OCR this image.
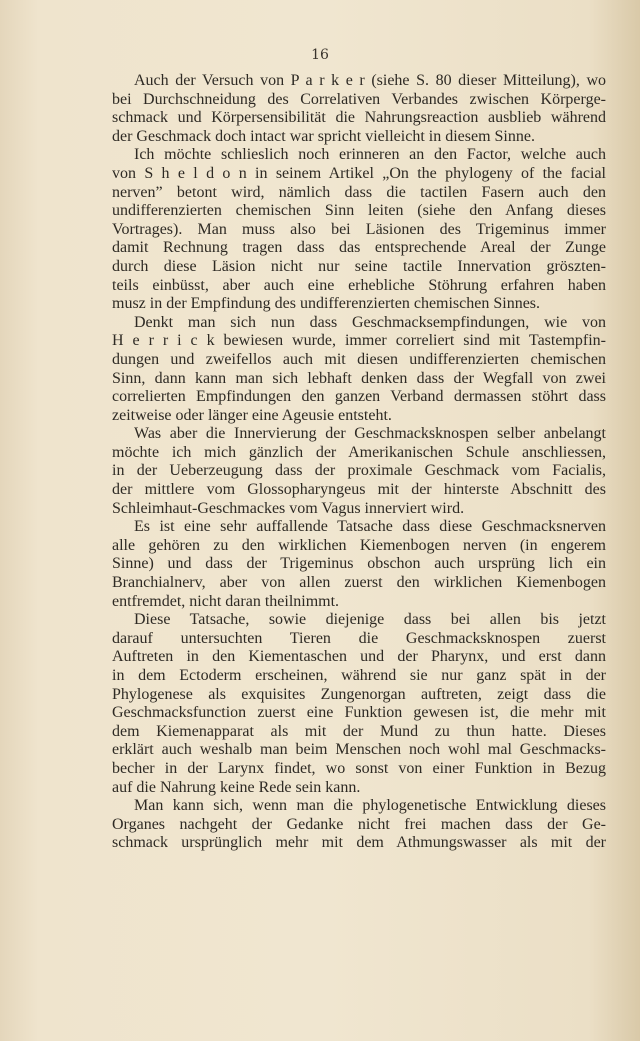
16
Auch der Versuch von P a r k e r (siehe S. 80 dieser Mitteilung), wo
bei Durchschneidung des Correlativen Verbandes zwischen Körperge-
schmack und Körpersensibilität die Nahrungsreaction ausblieb während
der Geschmack doch intact war spricht vielleicht in diesem Sinne.
Ich möchte schlieslich noch erinneren an den Factor, welche auch
von S h e l d o n in seinem Artikel „On the phylogeny of the facial
nerven” betont wird, nämlich dass die tactilen Fasern auch den
undifferenzierten chemischen Sinn leiten (siehe den Anfang dieses
Vortrages). Man muss also bei Läsionen des Trigeminus immer
damit Rechnung tragen dass das entsprechende Areal der Zunge
durch diese Läsion nicht nur seine tactile Innervation gröszten-
teils einbüsst, aber auch eine erhebliche Stöhrung erfahren haben
musz in der Empfindung des undifferenzierten chemischen Sinnes.
Denkt man sich nun dass Geschmacksempfindungen, wie von
H e r r i c k bewiesen wurde, immer correliert sind mit Tastempfin-
dungen und zweifellos auch mit diesen undifferenzierten chemischen
Sinn, dann kann man sich lebhaft denken dass der Wegfall von zwei
correlierten Empfindungen den ganzen Verband dermassen stöhrt dass
zeitweise oder länger eine Ageusie entsteht.
Was aber die Innervierung der Geschmacksknospen selber anbelangt
möchte ich mich gänzlich der Amerikanischen Schule anschliessen,
in der Ueberzeugung dass der proximale Geschmack vom Facialis,
der mittlere vom Glossopharyngeus mit der hinterste Abschnitt des
Schleimhaut-Geschmackes vom Vagus innerviert wird.
Es ist eine sehr auffallende Tatsache dass diese Geschmacksnerven
alle gehören zu den wirklichen Kiemenbogen nerven (in engerem
Sinne) und dass der Trigeminus obschon auch ursprüng lich ein
Branchialnerv, aber von allen zuerst den wirklichen Kiemenbogen
entfremdet, nicht daran theilnimmt.
Diese Tatsache, sowie diejenige dass bei allen bis jetzt
darauf untersuchten Tieren die Geschmacksknospen zuerst
Auftreten in den Kiementaschen und der Pharynx, und erst dann
in dem Ectoderm erscheinen, während sie nur ganz spät in der
Phylogenese als exquisites Zungenorgan auftreten, zeigt dass die
Geschmacksfunction zuerst eine Funktion gewesen ist, die mehr mit
dem Kiemenapparat als mit der Mund zu thun hatte. Dieses
erklärt auch weshalb man beim Menschen noch wohl mal Geschmacks-
becher in der Larynx findet, wo sonst von einer Funktion in Bezug
auf die Nahrung keine Rede sein kann.
Man kann sich, wenn man die phylogenetische Entwicklung dieses
Organes nachgeht der Gedanke nicht frei machen dass der Ge-
schmack ursprünglich mehr mit dem Athmungswasser als mit der
